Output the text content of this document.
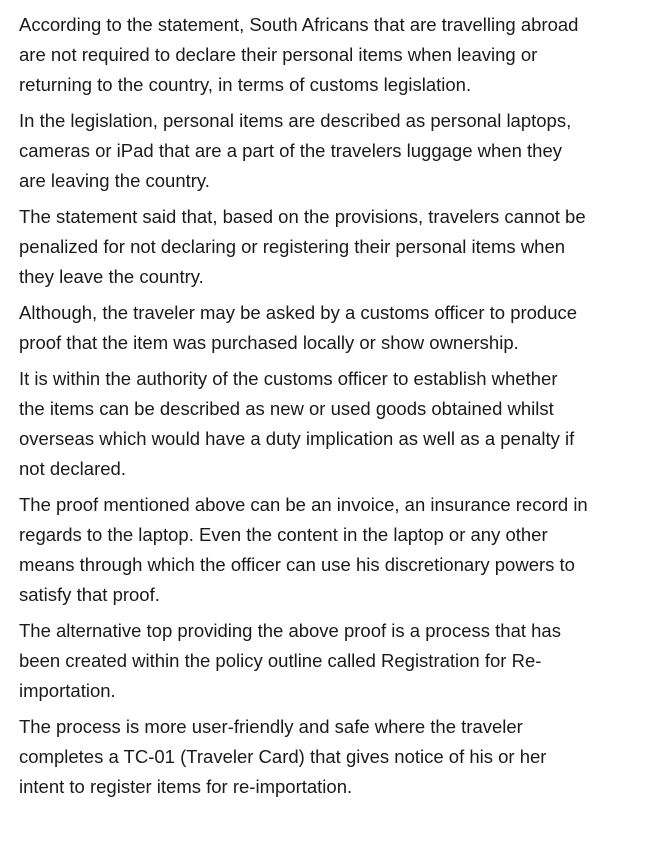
According to the statement, South Africans that are travelling abroad
are not required to declare their personal items when leaving or
returning to the country, in terms of customs legislation.

In the legislation, personal items are described as personal laptops,
cameras or iPad that are a part of the travelers luggage when they
are leaving the country.

The statement said that, based on the provisions, travelers cannot be
penalized for not declaring or registering their personal items when
they leave the country.

Although, the traveler may be asked by a customs officer to produce
proof that the item was purchased locally or show ownership.

It is within the authority of the customs officer to establish whether
the items can be described as new or used goods obtained whilst
overseas which would have a duty implication as well as a penalty if
not declared.

The proof mentioned above can be an invoice, an insurance record in
regards to the laptop. Even the content in the laptop or any other
means through which the officer can use his discretionary powers to
satisfy that proof.

The alternative top providing the above proof is a process that has
been created within the policy outline called Registration for Re-
importation.

The process is more user-friendly and safe where the traveler
completes a TC-01 (Traveler Card) that gives notice of his or her
intent to register items for re-importation.
